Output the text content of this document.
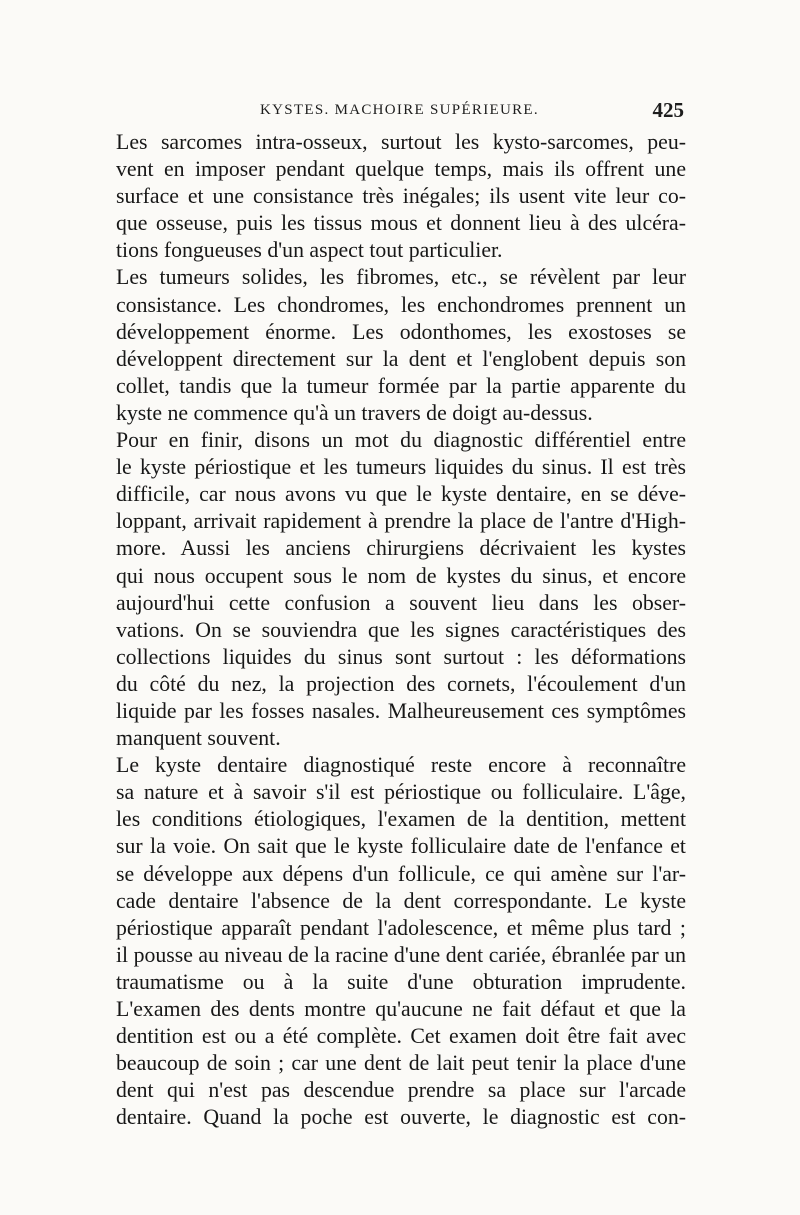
KYSTES. MACHOIRE SUPÉRIEURE.	425
Les sarcomes intra-osseux, surtout les kysto-sarcomes, peu-
vent en imposer pendant quelque temps, mais ils offrent une
surface et une consistance très inégales; ils usent vite leur co-
que osseuse, puis les tissus mous et donnent lieu à des ulcéra-
tions fongueuses d'un aspect tout particulier.
Les tumeurs solides, les fibromes, etc., se révèlent par leur
consistance. Les chondromes, les enchondromes prennent un
développement énorme. Les odonthomes, les exostoses se
développent directement sur la dent et l'englobent depuis son
collet, tandis que la tumeur formée par la partie apparente du
kyste ne commence qu'à un travers de doigt au-dessus.
Pour en finir, disons un mot du diagnostic différentiel entre
le kyste périostique et les tumeurs liquides du sinus. Il est très
difficile, car nous avons vu que le kyste dentaire, en se déve-
loppant, arrivait rapidement à prendre la place de l'antre d'High-
more. Aussi les anciens chirurgiens décrivaient les kystes
qui nous occupent sous le nom de kystes du sinus, et encore
aujourd'hui cette confusion a souvent lieu dans les obser-
vations. On se souviendra que les signes caractéristiques des
collections liquides du sinus sont surtout : les déformations
du côté du nez, la projection des cornets, l'écoulement d'un
liquide par les fosses nasales. Malheureusement ces symptômes
manquent souvent.
Le kyste dentaire diagnostiqué reste encore à reconnaître
sa nature et à savoir s'il est périostique ou folliculaire. L'âge,
les conditions étiologiques, l'examen de la dentition, mettent
sur la voie. On sait que le kyste folliculaire date de l'enfance et
se développe aux dépens d'un follicule, ce qui amène sur l'ar-
cade dentaire l'absence de la dent correspondante. Le kyste
périostique apparaît pendant l'adolescence, et même plus tard ;
il pousse au niveau de la racine d'une dent cariée, ébranlée par un
traumatisme ou à la suite d'une obturation imprudente.
L'examen des dents montre qu'aucune ne fait défaut et que la
dentition est ou a été complète. Cet examen doit être fait avec
beaucoup de soin ; car une dent de lait peut tenir la place d'une
dent qui n'est pas descendue prendre sa place sur l'arcade
dentaire. Quand la poche est ouverte, le diagnostic est con-
